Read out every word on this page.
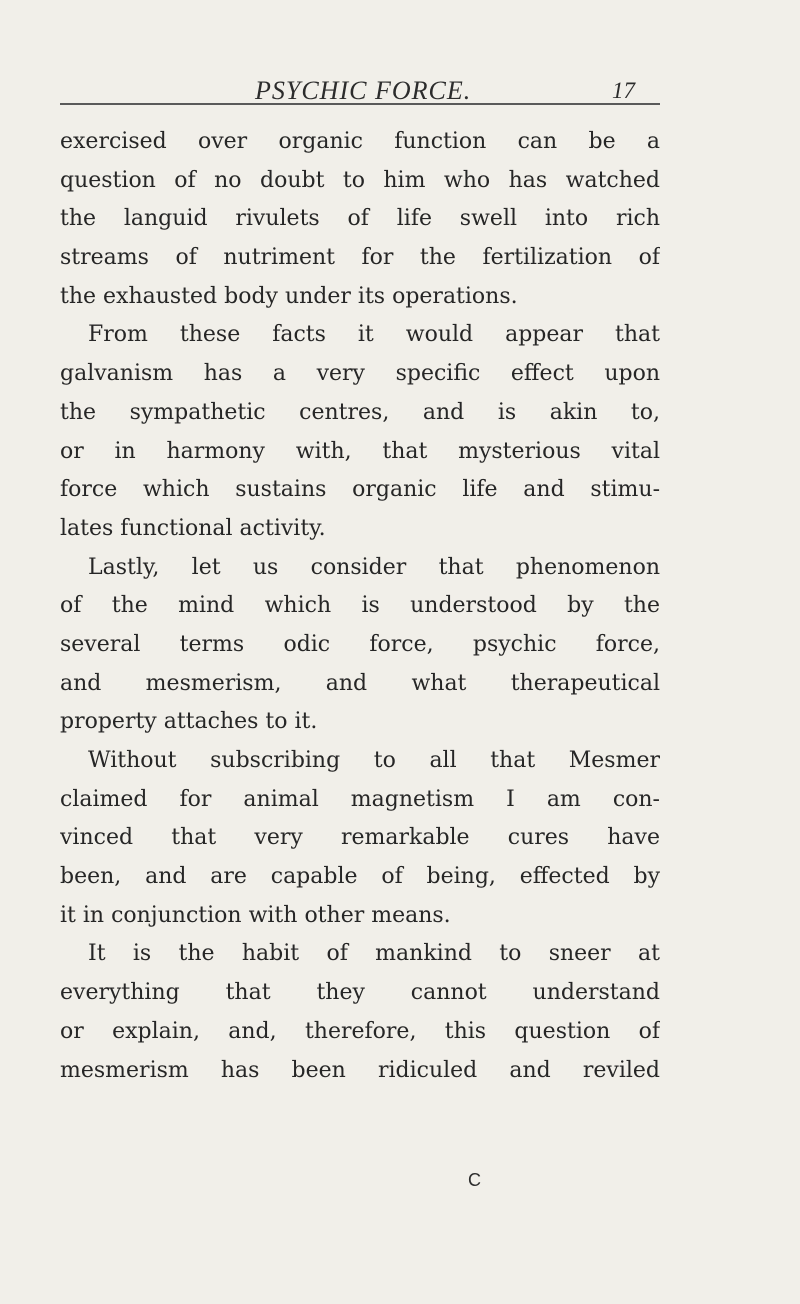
PSYCHIC FORCE.	17
exercised over organic function can be a
question of no doubt to him who has watched
the languid rivulets of life swell into rich
streams of nutriment for the fertilization of
the exhausted body under its operations.
From these facts it would appear that
galvanism has a very specific effect upon
the sympathetic centres, and is akin to,
or in harmony with, that mysterious vital
force which sustains organic life and stimu-
lates functional activity.
Lastly, let us consider that phenomenon
of the mind which is understood by the
several terms odic force, psychic force,
and mesmerism, and what therapeutical
property attaches to it.
Without subscribing to all that Mesmer
claimed for animal magnetism I am con-
vinced that very remarkable cures have
been, and are capable of being, effected by
it in conjunction with other means.
It is the habit of mankind to sneer at
everything that they cannot understand
or explain, and, therefore, this question of
mesmerism has been ridiculed and reviled
C
